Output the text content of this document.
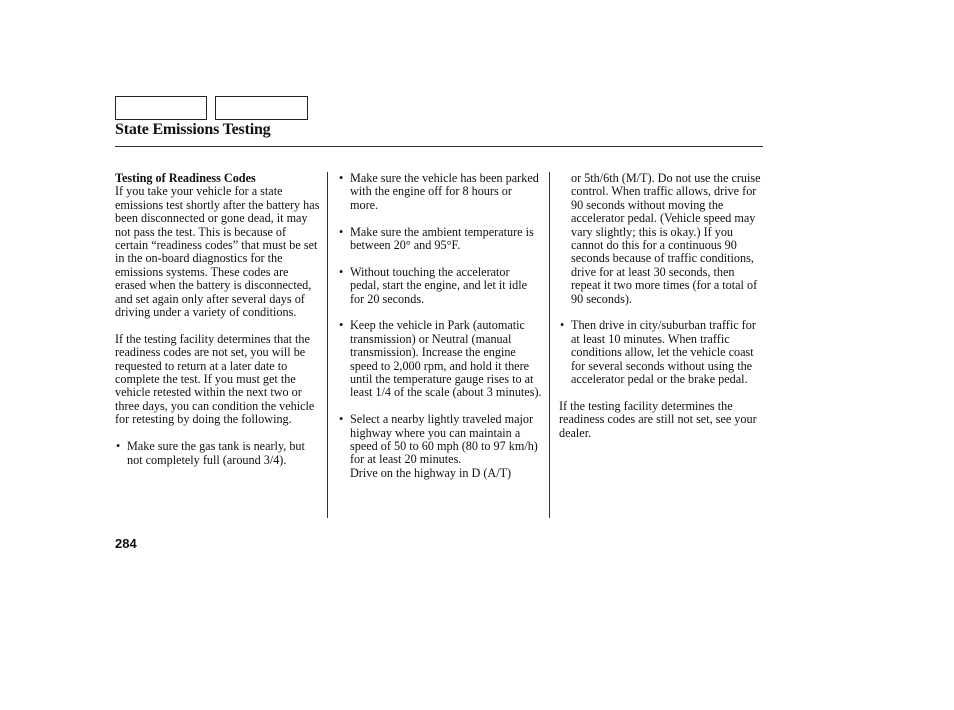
State Emissions Testing
Testing of Readiness Codes

If you take your vehicle for a state emissions test shortly after the battery has been disconnected or gone dead, it may not pass the test. This is because of certain “readiness codes” that must be set in the on-board diagnostics for the emissions systems. These codes are erased when the battery is disconnected, and set again only after several days of driving under a variety of conditions.

If the testing facility determines that the readiness codes are not set, you will be requested to return at a later date to complete the test. If you must get the vehicle retested within the next two or three days, you can condition the vehicle for retesting by doing the following.

• Make sure the gas tank is nearly, but not completely full (around 3/4).
• Make sure the vehicle has been parked with the engine off for 8 hours or more.
• Make sure the ambient temperature is between 20° and 95°F.
• Without touching the accelerator pedal, start the engine, and let it idle for 20 seconds.
• Keep the vehicle in Park (automatic transmission) or Neutral (manual transmission). Increase the engine speed to 2,000 rpm, and hold it there until the temperature gauge rises to at least 1/4 of the scale (about 3 minutes).
• Select a nearby lightly traveled major highway where you can maintain a speed of 50 to 60 mph (80 to 97 km/h) for at least 20 minutes.
Drive on the highway in D (A/T)
or 5th/6th (M/T). Do not use the cruise control. When traffic allows, drive for 90 seconds without moving the accelerator pedal. (Vehicle speed may vary slightly; this is okay.) If you cannot do this for a continuous 90 seconds because of traffic conditions, drive for at least 30 seconds, then repeat it two more times (for a total of 90 seconds).
• Then drive in city/suburban traffic for at least 10 minutes. When traffic conditions allow, let the vehicle coast for several seconds without using the accelerator pedal or the brake pedal.

If the testing facility determines the readiness codes are still not set, see your dealer.

284
